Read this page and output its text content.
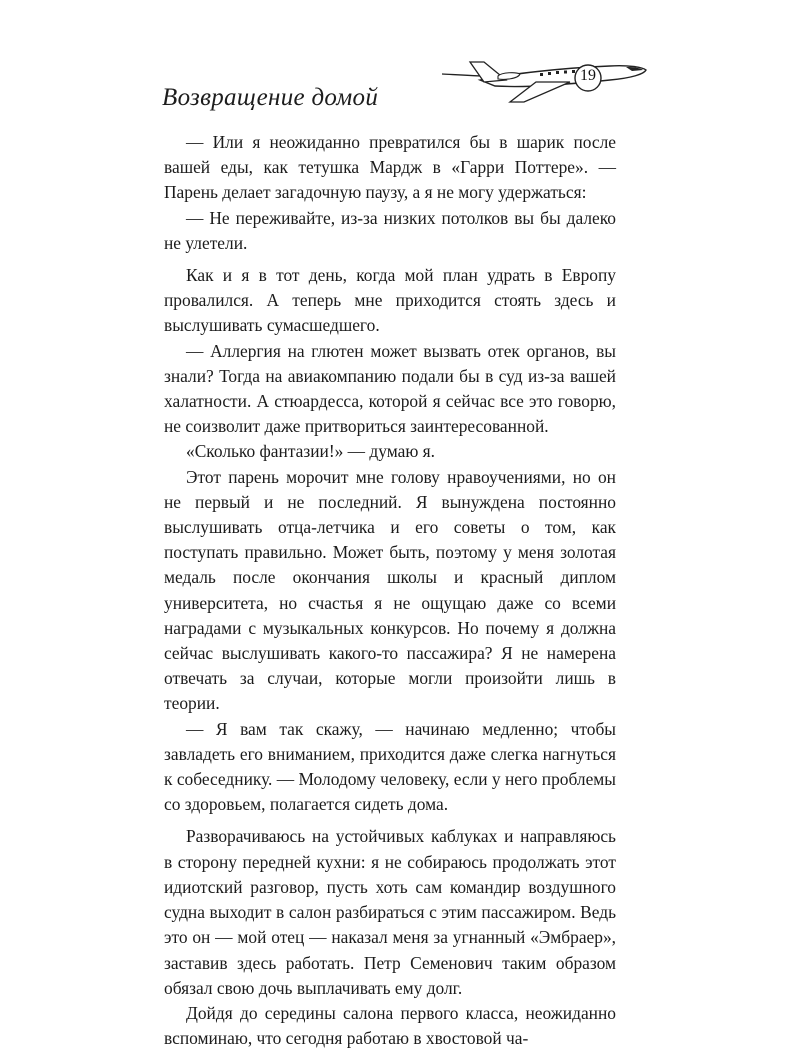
Возвращение домой
19

— Или я неожиданно превратился бы в шарик после вашей еды, как тетушка Мардж в «Гарри Поттере». — Парень делает загадочную паузу, а я не могу удержаться:

— Не переживайте, из-за низких потолков вы бы далеко не улетели.

Как и я в тот день, когда мой план удрать в Европу провалился. А теперь мне приходится стоять здесь и выслушивать сумасшедшего.

— Аллергия на глютен может вызвать отек органов, вы знали? Тогда на авиакомпанию подали бы в суд из-за вашей халатности. А стюардесса, которой я сейчас все это говорю, не соизволит даже притвориться заинтересованной.

«Сколько фантазии!» — думаю я.

Этот парень морочит мне голову нравоучениями, но он не первый и не последний. Я вынуждена постоянно выслушивать отца-летчика и его советы о том, как поступать правильно. Может быть, поэтому у меня золотая медаль после окончания школы и красный диплом университета, но счастья я не ощущаю даже со всеми наградами с музыкальных конкурсов. Но почему я должна сейчас выслушивать какого-то пассажира? Я не намерена отвечать за случаи, которые могли произойти лишь в теории.

— Я вам так скажу, — начинаю медленно; чтобы завладеть его вниманием, приходится даже слегка нагнуться к собеседнику. — Молодому человеку, если у него проблемы со здоровьем, полагается сидеть дома.

Разворачиваюсь на устойчивых каблуках и направляюсь в сторону передней кухни: я не собираюсь продолжать этот идиотский разговор, пусть хоть сам командир воздушного судна выходит в салон разбираться с этим пассажиром. Ведь это он — мой отец — наказал меня за угнанный «Эмбраер», заставив здесь работать. Петр Семенович таким образом обязал свою дочь выплачивать ему долг.

Дойдя до середины салона первого класса, неожиданно вспоминаю, что сегодня работаю в хвостовой ча-
